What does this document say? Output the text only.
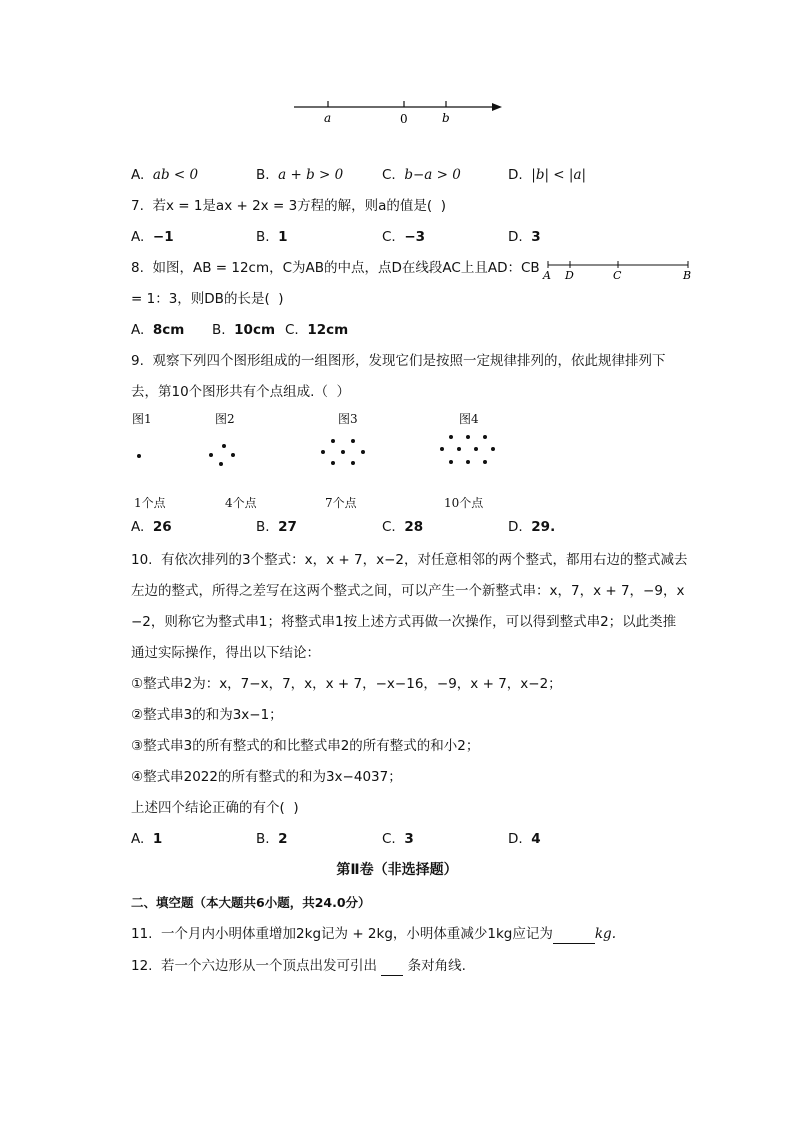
a	0	b
A. ab < 0	B. a + b > 0	C. b−a > 0	D. |b| < |a|
7.  若x = 1是ax + 2x = 3方程的解，则a的值是(  )
A. −1	B. 1	C. −3	D. 3
8.  如图，AB = 12cm，C为AB的中点，点D在线段AC上且AD：CB A D	C	B
= 1：3，则DB的长是(  )
A. 8cm B. 10cm C. 12cm
9.  观察下列四个图形组成的一组图形，发现它们是按照一定规律排列的，依此规律排列下
去，第10个图形共有个点组成.（  ）
图1	图2	图3	图4
1个点	4个点	7个点	10个点
A. 26	B. 27	C. 28	D. 29.
10.  有依次排列的3个整式：x，x + 7，x−2，对任意相邻的两个整式，都用右边的整式减去
左边的整式，所得之差写在这两个整式之间，可以产生一个新整式串：x，7，x + 7，−9，x
−2，则称它为整式串1；将整式串1按上述方式再做一次操作，可以得到整式串2；以此类推
通过实际操作，得出以下结论：
①整式串2为：x，7−x，7，x，x + 7，−x−16，−9，x + 7，x−2；
②整式串3的和为3x−1；
③整式串3的所有整式的和比整式串2的所有整式的和小2；
④整式串2022的所有整式的和为3x−4037；
上述四个结论正确的有个(  )
A. 1	B. 2	C. 3	D. 4
第Ⅱ卷（非选择题）
二、填空题（本大题共6小题，共24.0分）
11.  一个月内小明体重增加2kg记为 + 2kg，小明体重减少1kg应记为	kg.
12.  若一个六边形从一个顶点出发可引出 条对角线.
